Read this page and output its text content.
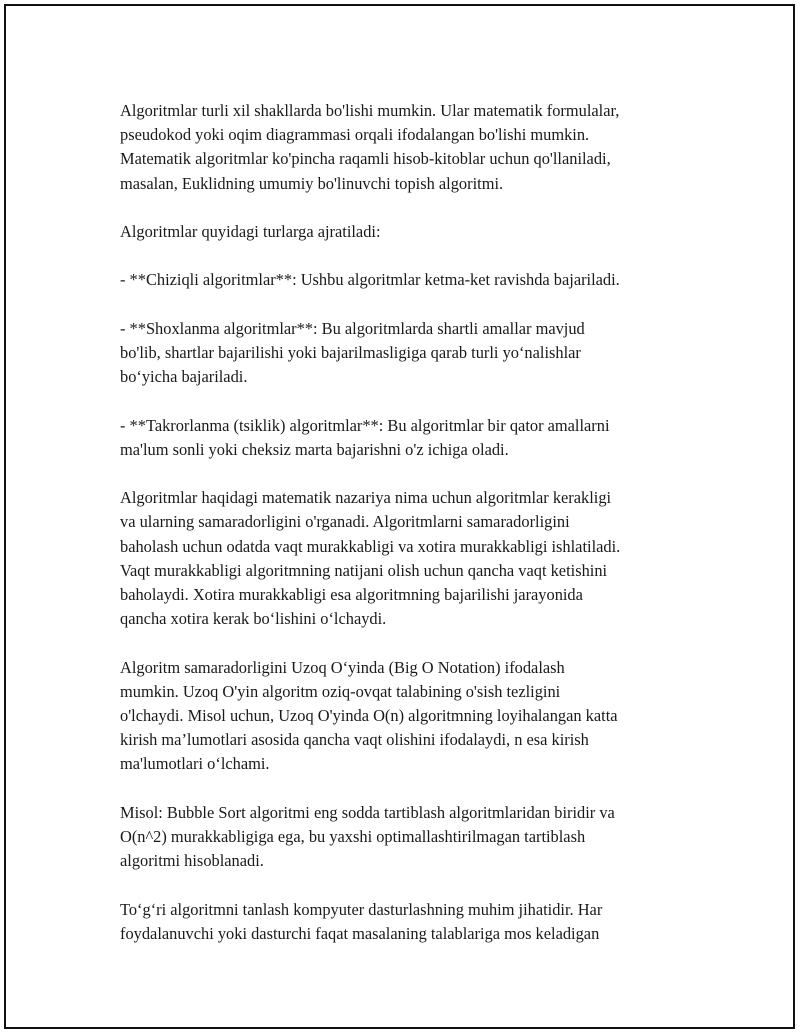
Algoritmlar turli xil shakllarda bo'lishi mumkin. Ular matematik formulalar,
pseudokod yoki oqim diagrammasi orqali ifodalangan bo'lishi mumkin.
Matematik algoritmlar ko'pincha raqamli hisob-kitoblar uchun qo'llaniladi,
masalan, Euklidning umumiy bo'linuvchi topish algoritmi.

Algoritmlar quyidagi turlarga ajratiladi:

- **Chiziqli algoritmlar**: Ushbu algoritmlar ketma-ket ravishda bajariladi.

- **Shoxlanma algoritmlar**: Bu algoritmlarda shartli amallar mavjud
bo'lib, shartlar bajarilishi yoki bajarilmasligiga qarab turli yo‘nalishlar
bo‘yicha bajariladi.

- **Takrorlanma (tsiklik) algoritmlar**: Bu algoritmlar bir qator amallarni
ma'lum sonli yoki cheksiz marta bajarishni o'z ichiga oladi.

Algoritmlar haqidagi matematik nazariya nima uchun algoritmlar kerakligi
va ularning samaradorligini o'rganadi. Algoritmlarni samaradorligini
baholash uchun odatda vaqt murakkabligi va xotira murakkabligi ishlatiladi.
Vaqt murakkabligi algoritmning natijani olish uchun qancha vaqt ketishini
baholaydi. Xotira murakkabligi esa algoritmning bajarilishi jarayonida
qancha xotira kerak bo‘lishini o‘lchaydi.

Algoritm samaradorligini Uzoq O‘yinda (Big O Notation) ifodalash
mumkin. Uzoq O'yin algoritm oziq-ovqat talabining o'sish tezligini
o'lchaydi. Misol uchun, Uzoq O'yinda O(n) algoritmning loyihalangan katta
kirish ma’lumotlari asosida qancha vaqt olishini ifodalaydi, n esa kirish
ma'lumotlari o‘lchami.

Misol: Bubble Sort algoritmi eng sodda tartiblash algoritmlaridan biridir va
O(n^2) murakkabligiga ega, bu yaxshi optimallashtirilmagan tartiblash
algoritmi hisoblanadi.

To‘g‘ri algoritmni tanlash kompyuter dasturlashning muhim jihatidir. Har
foydalanuvchi yoki dasturchi faqat masalaning talablariga mos keladigan
